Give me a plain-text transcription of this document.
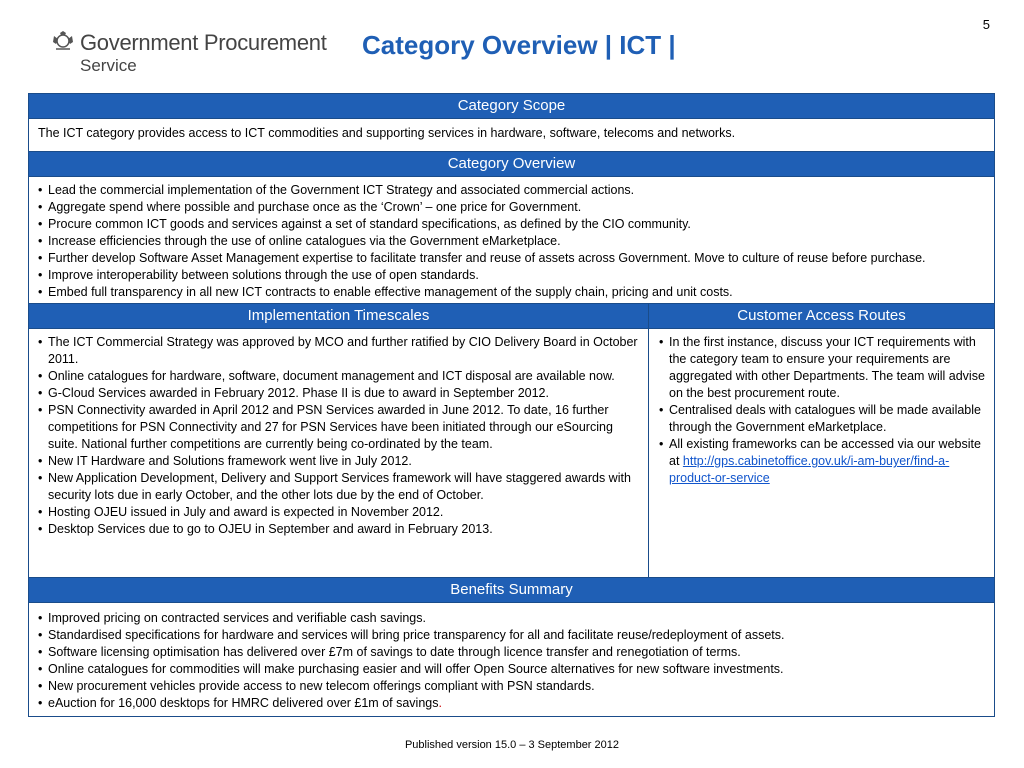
5
Government Procurement
Service
Category Overview | ICT |
Category Scope
The ICT category provides access to ICT commodities and supporting services in hardware, software, telecoms and networks.
Category Overview
• Lead the commercial implementation of the Government ICT Strategy and associated commercial actions.
• Aggregate spend where possible and purchase once as the ‘Crown’ – one price for Government.
• Procure common ICT goods and services against a set of standard specifications, as defined by the CIO community.
• Increase efficiencies through the use of online catalogues via the Government eMarketplace.
• Further develop Software Asset Management expertise to facilitate transfer and reuse of assets across Government. Move to culture of reuse before purchase.
• Improve interoperability between solutions through the use of open standards.
• Embed full transparency in all new ICT contracts to enable effective management of the supply chain, pricing and unit costs.
Implementation Timescales
• The ICT Commercial Strategy was approved by MCO and further ratified by CIO Delivery Board in October 2011.
• Online catalogues for hardware, software, document management and ICT disposal are available now.
• G-Cloud Services awarded in February 2012. Phase II is due to award in September 2012.
• PSN Connectivity awarded in April 2012 and PSN Services awarded in June 2012. To date, 16 further competitions for PSN Connectivity and 27 for PSN Services have been initiated through our eSourcing suite. National further competitions are currently being co-ordinated by the team.
• New IT Hardware and Solutions framework went live in July 2012.
• New Application Development, Delivery and Support Services framework will have staggered awards with security lots due in early October, and the other lots due by the end of October.
• Hosting OJEU issued in July and award is expected in November 2012.
• Desktop Services due to go to OJEU in September and award in February 2013.
Customer Access Routes
• In the first instance, discuss your ICT requirements with the category team to ensure your requirements are aggregated with other Departments. The team will advise on the best procurement route.
• Centralised deals with catalogues will be made available through the Government eMarketplace.
• All existing frameworks can be accessed via our website at http://gps.cabinetoffice.gov.uk/i-am-buyer/find-a-product-or-service
Benefits Summary
• Improved pricing on contracted services and verifiable cash savings.
• Standardised specifications for hardware and services will bring price transparency for all and facilitate reuse/redeployment of assets.
• Software licensing optimisation has delivered over £7m of savings to date through licence transfer and renegotiation of terms.
• Online catalogues for commodities will make purchasing easier and will offer Open Source alternatives for new software investments.
• New procurement vehicles provide access to new telecom offerings compliant with PSN standards.
• eAuction for 16,000 desktops for HMRC delivered over £1m of savings.
Published version 15.0 – 3 September 2012
